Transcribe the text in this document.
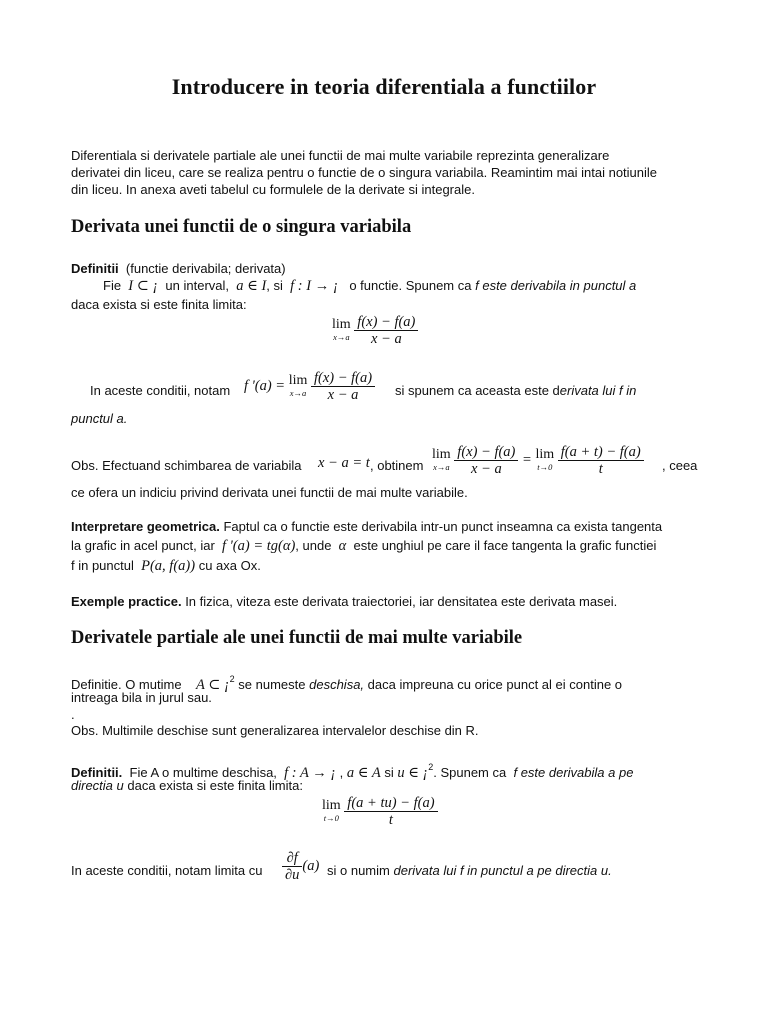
Introducere in teoria diferentiala a functiilor
Diferentiala si derivatele partiale ale unei functii de mai multe variabile reprezinta generalizare
derivatei din liceu, care se realiza pentru o functie de o singura variabila. Reamintim mai intai notiunile
din liceu. In anexa aveti tabelul cu formulele de la derivate si integrale.
Derivata unei functii de o singura variabila
Definitii (functie derivabila; derivata)
Fie I ⊂ ¡ un interval, a ∈ I, si f : I → ¡ o functie. Spunem ca f este derivabila in punctul a
daca exista si este finita limita:
lim
x→a
$\frac{f(x) - f(a)}{x - a}$
In aceste conditii, notam f '(a) = lim
x→a
$\frac{f(x) - f(a)}{x - a}$ si spunem ca aceasta este derivata lui f in
punctul a.
Obs. Efectuand schimbarea de variabila x − a = t , obtinem
lim
x→a
$\frac{f(x) - f(a)}{x - a} = \lim$
t→0
$\frac{f(a + t) - f(a)}{t}$ , ceea
ce ofera un indiciu privind derivata unei functii de mai multe variabile.
Interpretare geometrica. Faptul ca o functie este derivabila intr-un punct inseamna ca exista tangenta
la grafic in acel punct, iar f '(a) = tg(α), unde α este unghiul pe care il face tangenta la grafic functiei
f in punctul P(a, f(a)) cu axa Ox.
Exemple practice. In fizica, viteza este derivata traiectoriei, iar densitatea este derivata masei.
Derivatele partiale ale unei functii de mai multe variabile
Definitie. O mutime A ⊂ ¡$^2$ se numeste deschisa, daca impreuna cu orice punct al ei contine o
intreaga bila in jurul sau.
.
Obs. Multimile deschise sunt generalizarea intervalelor deschise din R.
Definitii. Fie A o multime deschisa, f : A → ¡ , a ∈ A si u ∈ ¡$^2$. Spunem ca f este derivabila a pe
directia u daca exista si este finita limita:
lim
t→0
$\frac{f(a + tu) - f(a)}{t}$
In aceste conditii, notam limita cu $\frac{\partial f}{\partial u} (a)$ si o numim derivata lui f in punctul a pe directia u.
